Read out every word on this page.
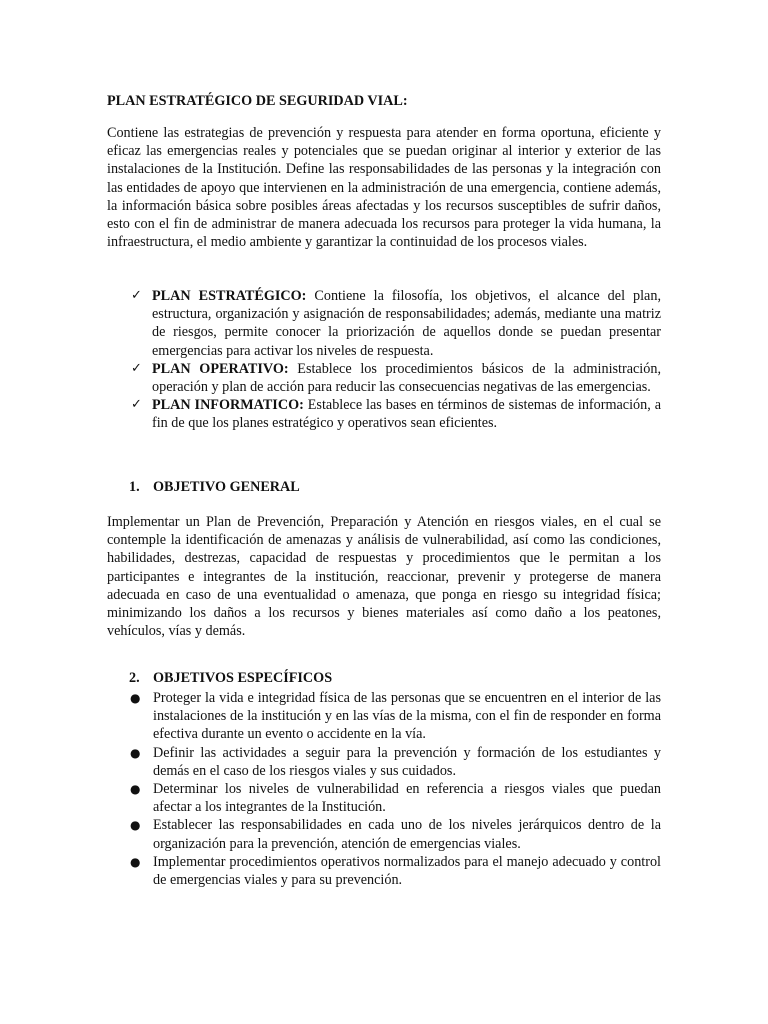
PLAN ESTRATÉGICO DE SEGURIDAD VIAL:
Contiene las estrategias de prevención y respuesta para atender en forma oportuna, eficiente y eficaz las emergencias reales y potenciales que se puedan originar al interior y exterior de las instalaciones de la Institución. Define las responsabilidades de las personas y la integración con las entidades de apoyo que intervienen en la administración de una emergencia, contiene además, la información básica sobre posibles áreas afectadas y los recursos susceptibles de sufrir daños, esto con el fin de administrar de manera adecuada los recursos para proteger la vida humana, la infraestructura, el medio ambiente y garantizar la continuidad de los procesos viales.
✓ PLAN ESTRATÉGICO: Contiene la filosofía, los objetivos, el alcance del plan, estructura, organización y asignación de responsabilidades; además, mediante una matriz de riesgos, permite conocer la priorización de aquellos donde se puedan presentar emergencias para activar los niveles de respuesta.
✓ PLAN OPERATIVO: Establece los procedimientos básicos de la administración, operación y plan de acción para reducir las consecuencias negativas de las emergencias.
✓ PLAN INFORMATICO: Establece las bases en términos de sistemas de información, a fin de que los planes estratégico y operativos sean eficientes.
1. OBJETIVO GENERAL
Implementar un Plan de Prevención, Preparación y Atención en riesgos viales, en el cual se contemple la identificación de amenazas y análisis de vulnerabilidad, así como las condiciones, habilidades, destrezas, capacidad de respuestas y procedimientos que le permitan a los participantes e integrantes de la institución, reaccionar, prevenir y protegerse de manera adecuada en caso de una eventualidad o amenaza, que ponga en riesgo su integridad física; minimizando los daños a los recursos y bienes materiales así como daño a los peatones, vehículos, vías y demás.
2. OBJETIVOS ESPECÍFICOS
● Proteger la vida e integridad física de las personas que se encuentren en el interior de las instalaciones de la institución y en las vías de la misma, con el fin de responder en forma efectiva durante un evento o accidente en la vía.
● Definir las actividades a seguir para la prevención y formación de los estudiantes y demás en el caso de los riesgos viales y sus cuidados.
● Determinar los niveles de vulnerabilidad en referencia a riesgos viales que puedan afectar a los integrantes de la Institución.
● Establecer las responsabilidades en cada uno de los niveles jerárquicos dentro de la organización para la prevención, atención de emergencias viales.
● Implementar procedimientos operativos normalizados para el manejo adecuado y control de emergencias viales y para su prevención.
